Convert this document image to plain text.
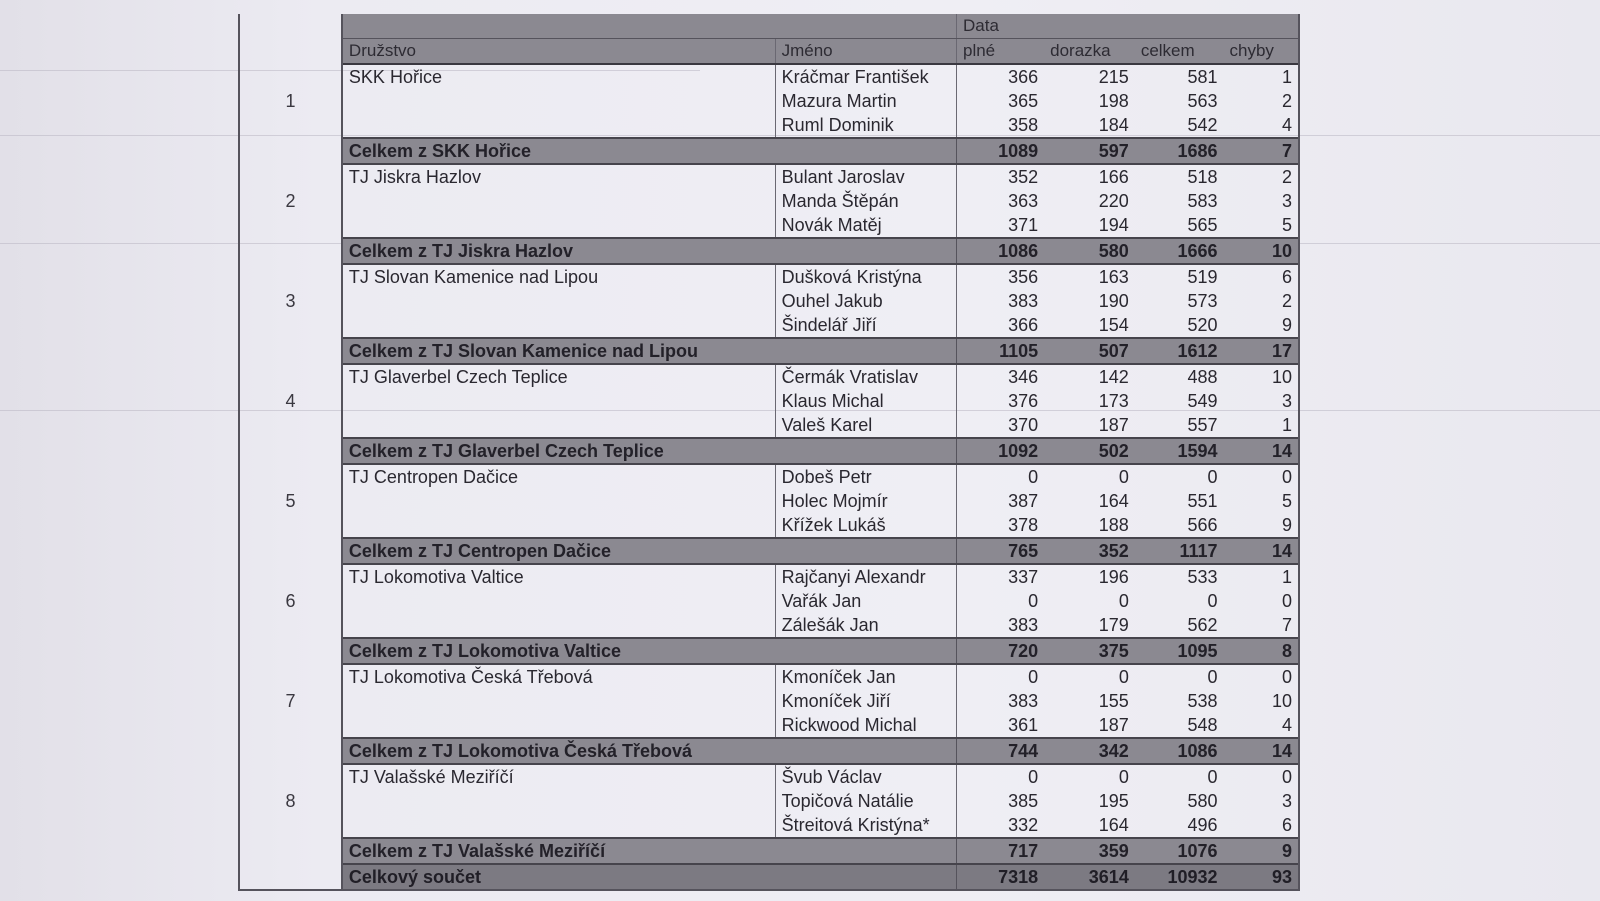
			Data			
	Družstvo	Jméno	plné	dorazka	celkem	chyby
1	SKK Hořice	Kráčmar František	366	215	581	1
		Mazura Martin	365	198	563	2
		Ruml Dominik	358	184	542	4
	Celkem z SKK Hořice		1089	597	1686	7
2	TJ Jiskra Hazlov	Bulant Jaroslav	352	166	518	2
		Manda Štěpán	363	220	583	3
		Novák Matěj	371	194	565	5
	Celkem z TJ Jiskra Hazlov		1086	580	1666	10
3	TJ Slovan Kamenice nad Lipou	Dušková Kristýna	356	163	519	6
		Ouhel Jakub	383	190	573	2
		Šindelář Jiří	366	154	520	9
	Celkem z TJ Slovan Kamenice nad Lipou		1105	507	1612	17
4	TJ Glaverbel Czech Teplice	Čermák Vratislav	346	142	488	10
		Klaus Michal	376	173	549	3
		Valeš Karel	370	187	557	1
	Celkem z TJ Glaverbel Czech Teplice		1092	502	1594	14
5	TJ Centropen Dačice	Dobeš Petr	0	0	0	0
		Holec Mojmír	387	164	551	5
		Křížek Lukáš	378	188	566	9
	Celkem z TJ Centropen Dačice		765	352	1117	14
6	TJ Lokomotiva Valtice	Rajčanyi Alexandr	337	196	533	1
		Vařák Jan	0	0	0	0
		Zálešák Jan	383	179	562	7
	Celkem z TJ Lokomotiva Valtice		720	375	1095	8
7	TJ Lokomotiva Česká Třebová	Kmoníček Jan	0	0	0	0
		Kmoníček Jiří	383	155	538	10
		Rickwood Michal	361	187	548	4
	Celkem z TJ Lokomotiva Česká Třebová		744	342	1086	14
8	TJ Valašské Meziříčí	Švub Václav	0	0	0	0
		Topičová Natálie	385	195	580	3
		Štreitová Kristýna*	332	164	496	6
	Celkem z TJ Valašské Meziříčí		717	359	1076	9
	Celkový součet		7318	3614	10932	93
